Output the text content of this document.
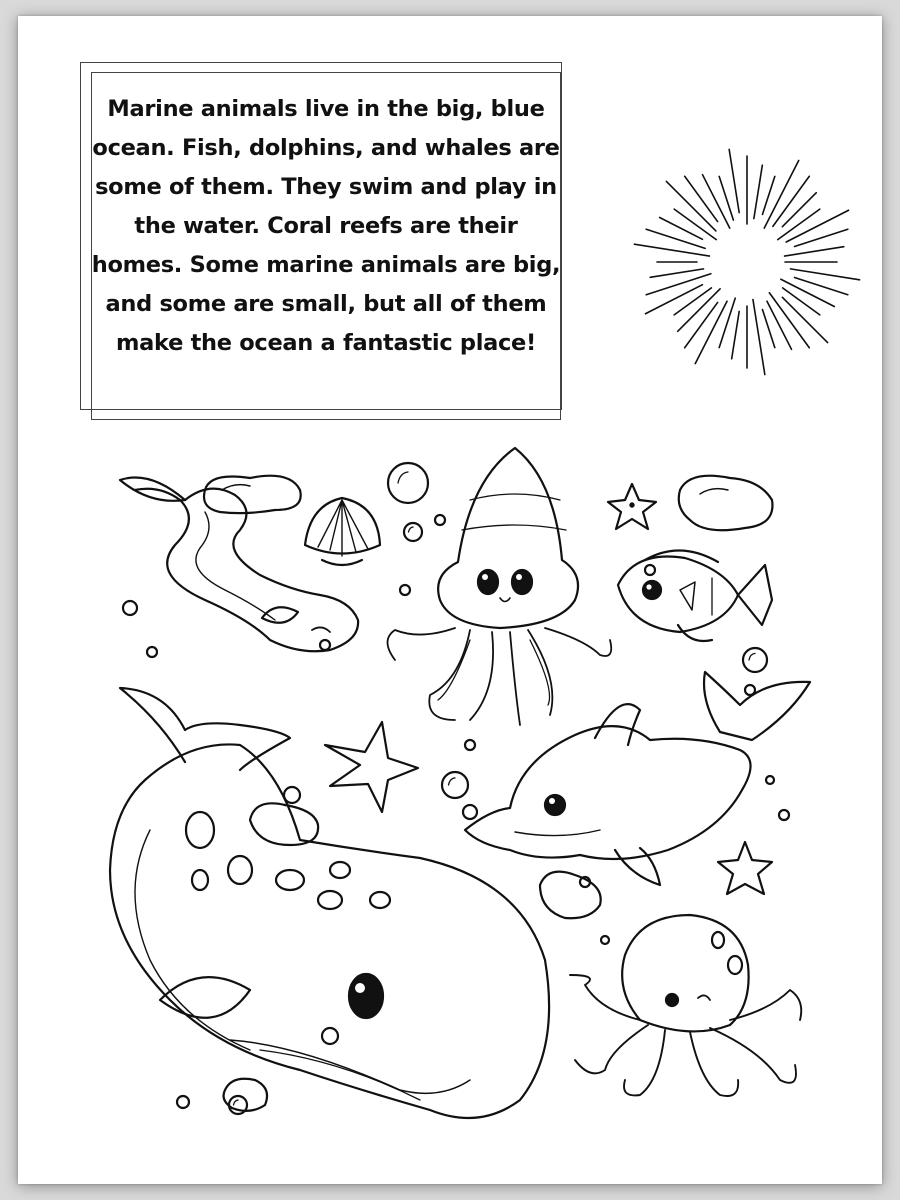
Marine animals live in the big, blue ocean. Fish, dolphins, and whales are some of them. They swim and play in the water. Coral reefs are their homes. Some marine animals are big, and some are small, but all of them make the ocean a fantastic place!
